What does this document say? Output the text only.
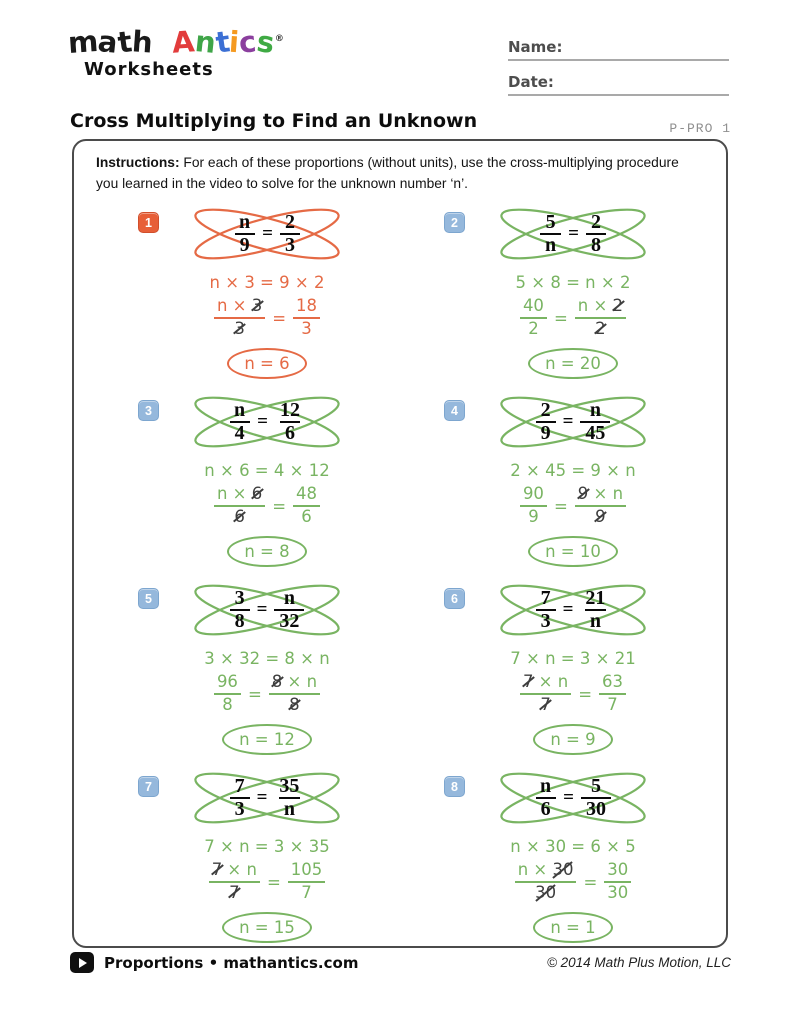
math Antics®
Worksheets
Name:
Date:
Cross Multiplying to Find an Unknown	P-PRO 1
Instructions: For each of these proportions (without units), use the cross-multiplying procedure you learned in the video to solve for the unknown number ‘n’.
1	$\frac{n}{9} = \frac{2}{3}$
n × 3 = 9 × 2
$\frac{n \times 3}{3} = \frac{18}{3}$
n = 6
2	$\frac{5}{n} = \frac{2}{8}$
5 × 8 = n × 2
$\frac{40}{2} = \frac{n \times 2}{2}$
n = 20
3	$\frac{n}{4} = \frac{12}{6}$
n × 6 = 4 × 12
$\frac{n \times 6}{6} = \frac{48}{6}$
n = 8
4	$\frac{2}{9} = \frac{n}{45}$
2 × 45 = 9 × n
$\frac{90}{9} = \frac{9 \times n}{9}$
n = 10
5	$\frac{3}{8} = \frac{n}{32}$
3 × 32 = 8 × n
$\frac{96}{8} = \frac{8 \times n}{8}$
n = 12
6	$\frac{7}{3} = \frac{21}{n}$
7 × n = 3 × 21
$\frac{7 \times n}{7} = \frac{63}{7}$
n = 9
7	$\frac{7}{3} = \frac{35}{n}$
7 × n = 3 × 35
$\frac{7 \times n}{7} = \frac{105}{7}$
n = 15
8	$\frac{n}{6} = \frac{5}{30}$
n × 30 = 6 × 5
$\frac{n \times 30}{30} = \frac{30}{30}$
n = 1
Proportions • mathantics.com	© 2014 Math Plus Motion, LLC
